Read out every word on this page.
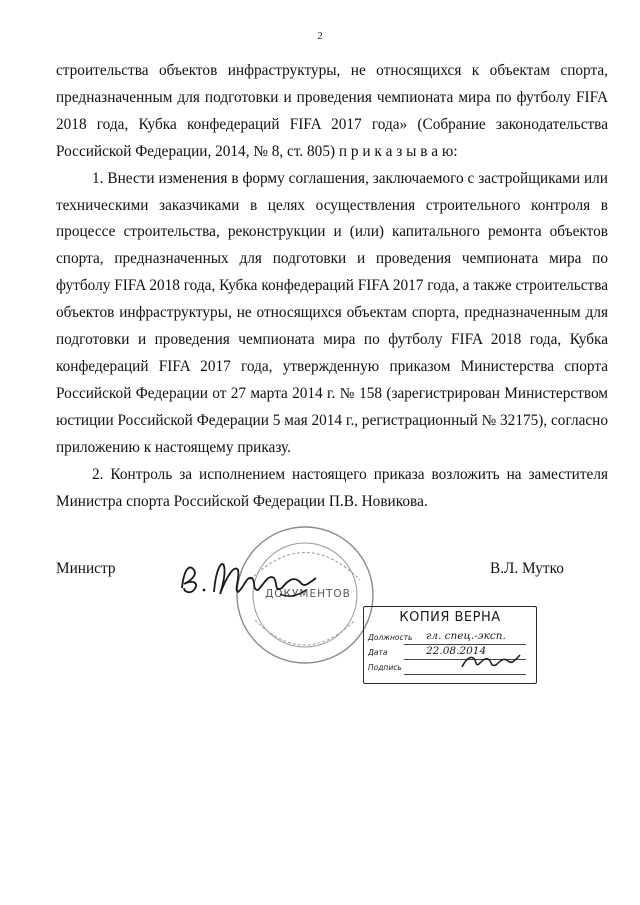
2

строительства объектов инфраструктуры, не относящихся к объектам спорта, предназначенным для подготовки и проведения чемпионата мира по футболу FIFA 2018 года, Кубка конфедераций FIFA 2017 года» (Собрание законодательства Российской Федерации, 2014, № 8, ст. 805) п р и к а з ы в а ю:

1. Внести изменения в форму соглашения, заключаемого с застройщиками или техническими заказчиками в целях осуществления строительного контроля в процессе строительства, реконструкции и (или) капитального ремонта объектов спорта, предназначенных для подготовки и проведения чемпионата мира по футболу FIFA 2018 года, Кубка конфедераций FIFA 2017 года, а также строительства объектов инфраструктуры, не относящихся объектам спорта, предназначенным для подготовки и проведения чемпионата мира по футболу FIFA 2018 года, Кубка конфедераций FIFA 2017 года, утвержденную приказом Министерства спорта Российской Федерации от 27 марта 2014 г. № 158 (зарегистрирован Министерством юстиции Российской Федерации 5 мая 2014 г., регистрационный № 32175), согласно приложению к настоящему приказу.

2. Контроль за исполнением настоящего приказа возложить на заместителя Министра спорта Российской Федерации П.В. Новикова.

Министр
ДОКУМЕНТОВ
В.Л. Мутко
КОПИЯ ВЕРНА
Должность гл. спец.-эксп.
Дата	22.08.2014
Подпись
